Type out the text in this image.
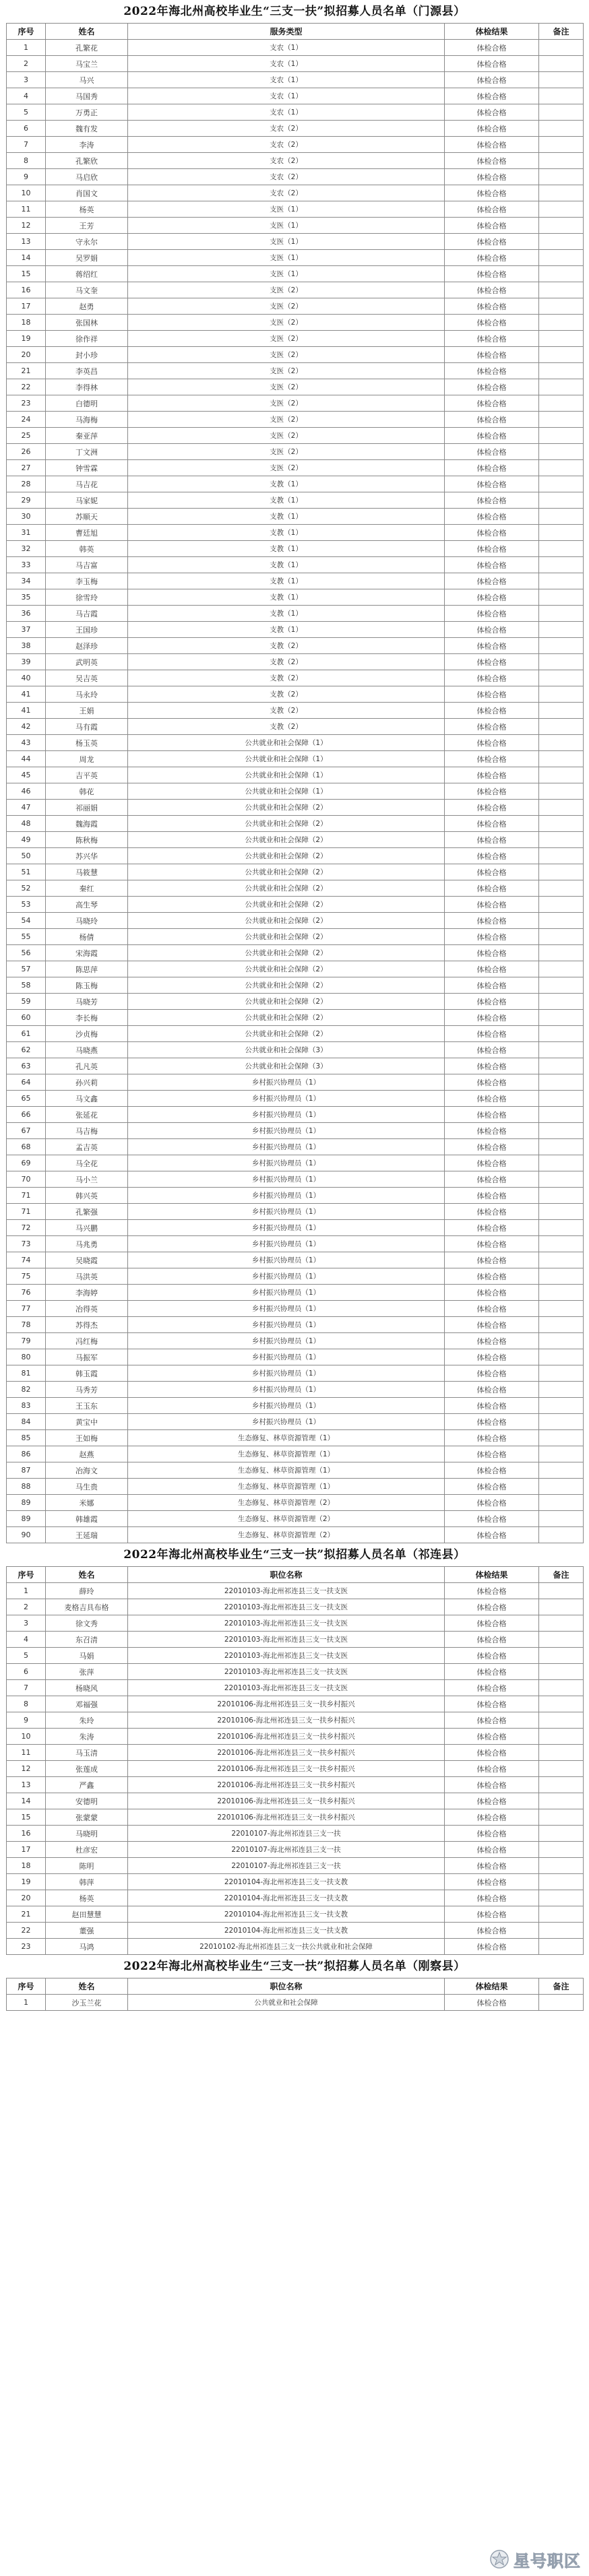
2022年海北州高校毕业生“三支一扶”拟招募人员名单（门源县）
序号	姓名	服务类型	体检结果	备注
1	孔繁花	支农（1）	体检合格	
2	马宝兰	支农（1）	体检合格	
3	马兴	支农（1）	体检合格	
4	马国秀	支农（1）	体检合格	
5	万勇正	支农（1）	体检合格	
6	魏有发	支农（2）	体检合格	
7	李涛	支农（2）	体检合格	
8	孔繁欣	支农（2）	体检合格	
9	马启欣	支农（2）	体检合格	
10	肖国文	支农（2）	体检合格	
11	杨英	支医（1）	体检合格	
12	王芳	支医（1）	体检合格	
13	守永尔	支医（1）	体检合格	
14	吴罗娟	支医（1）	体检合格	
15	蒋绍红	支医（1）	体检合格	
16	马文奎	支医（2）	体检合格	
17	赵勇	支医（2）	体检合格	
18	张国林	支医（2）	体检合格	
19	徐作祥	支医（2）	体检合格	
20	封小珍	支医（2）	体检合格	
21	李英昌	支医（2）	体检合格	
22	李得林	支医（2）	体检合格	
23	白德明	支医（2）	体检合格	
24	马海梅	支医（2）	体检合格	
25	秦亚萍	支医（2）	体检合格	
26	丁文洲	支医（2）	体检合格	
27	钟雪霖	支医（2）	体检合格	
28	马吉花	支教（1）	体检合格	
29	马家妮	支教（1）	体检合格	
30	苏顺天	支教（1）	体检合格	
31	曹廷旭	支教（1）	体检合格	
32	韩英	支教（1）	体检合格	
33	马吉富	支教（1）	体检合格	
34	李玉梅	支教（1）	体检合格	
35	徐雪玲	支教（1）	体检合格	
36	马吉霞	支教（1）	体检合格	
37	王国珍	支教（1）	体检合格	
38	赵泽珍	支教（2）	体检合格	
39	武明英	支教（2）	体检合格	
40	吴吉英	支教（2）	体检合格	
41	马永玲	支教（2）	体检合格	
41	王娟	支教（2）	体检合格	
42	马有霞	支教（2）	体检合格	
43	杨玉英	公共就业和社会保障（1）	体检合格	
44	周龙	公共就业和社会保障（1）	体检合格	
45	吉平英	公共就业和社会保障（1）	体检合格	
46	韩花	公共就业和社会保障（1）	体检合格	
47	祁丽娟	公共就业和社会保障（2）	体检合格	
48	魏海霞	公共就业和社会保障（2）	体检合格	
49	陈秋梅	公共就业和社会保障（2）	体检合格	
50	苏兴华	公共就业和社会保障（2）	体检合格	
51	马筱慧	公共就业和社会保障（2）	体检合格	
52	秦红	公共就业和社会保障（2）	体检合格	
53	高生琴	公共就业和社会保障（2）	体检合格	
54	马晓玲	公共就业和社会保障（2）	体检合格	
55	杨倩	公共就业和社会保障（2）	体检合格	
56	宋海霞	公共就业和社会保障（2）	体检合格	
57	陈思萍	公共就业和社会保障（2）	体检合格	
58	陈玉梅	公共就业和社会保障（2）	体检合格	
59	马晓芳	公共就业和社会保障（2）	体检合格	
60	李长梅	公共就业和社会保障（2）	体检合格	
61	沙贞梅	公共就业和社会保障（2）	体检合格	
62	马晓燕	公共就业和社会保障（3）	体检合格	
63	孔凡英	公共就业和社会保障（3）	体检合格	
64	孙兴莉	乡村振兴协理员（1）	体检合格	
65	马文鑫	乡村振兴协理员（1）	体检合格	
66	张延花	乡村振兴协理员（1）	体检合格	
67	马吉梅	乡村振兴协理员（1）	体检合格	
68	孟吉英	乡村振兴协理员（1）	体检合格	
69	马全花	乡村振兴协理员（1）	体检合格	
70	马小兰	乡村振兴协理员（1）	体检合格	
71	韩兴英	乡村振兴协理员（1）	体检合格	
71	孔繁强	乡村振兴协理员（1）	体检合格	
72	马兴鹏	乡村振兴协理员（1）	体检合格	
73	马兆勇	乡村振兴协理员（1）	体检合格	
74	吴晓霞	乡村振兴协理员（1）	体检合格	
75	马洪英	乡村振兴协理员（1）	体检合格	
76	李海婷	乡村振兴协理员（1）	体检合格	
77	冶得英	乡村振兴协理员（1）	体检合格	
78	苏得杰	乡村振兴协理员（1）	体检合格	
79	冯红梅	乡村振兴协理员（1）	体检合格	
80	马振军	乡村振兴协理员（1）	体检合格	
81	韩玉霞	乡村振兴协理员（1）	体检合格	
82	马秀芳	乡村振兴协理员（1）	体检合格	
83	王玉东	乡村振兴协理员（1）	体检合格	
84	黄宝中	乡村振兴协理员（1）	体检合格	
85	王如梅	生态修复、林草资源管理（1）	体检合格	
86	赵燕	生态修复、林草资源管理（1）	体检合格	
87	冶海文	生态修复、林草资源管理（1）	体检合格	
88	马生贵	生态修复、林草资源管理（1）	体检合格	
89	米娜	生态修复、林草资源管理（2）	体检合格	
89	韩雄霞	生态修复、林草资源管理（2）	体检合格	
90	王延瑞	生态修复、林草资源管理（2）	体检合格	
2022年海北州高校毕业生“三支一扶”拟招募人员名单（祁连县）
序号	姓名	职位名称	体检结果	备注
1	薛玲	22010103-海北州祁连县三支一扶支医	体检合格	
2	麦格吉具布格	22010103-海北州祁连县三支一扶支医	体检合格	
3	徐文秀	22010103-海北州祁连县三支一扶支医	体检合格	
4	东召清	22010103-海北州祁连县三支一扶支医	体检合格	
5	马娟	22010103-海北州祁连县三支一扶支医	体检合格	
6	张萍	22010103-海北州祁连县三支一扶支医	体检合格	
7	杨晓风	22010103-海北州祁连县三支一扶支医	体检合格	
8	邓福强	22010106-海北州祁连县三支一扶乡村振兴	体检合格	
9	朱玲	22010106-海北州祁连县三支一扶乡村振兴	体检合格	
10	朱涛	22010106-海北州祁连县三支一扶乡村振兴	体检合格	
11	马玉清	22010106-海北州祁连县三支一扶乡村振兴	体检合格	
12	张莲成	22010106-海北州祁连县三支一扶乡村振兴	体检合格	
13	严鑫	22010106-海北州祁连县三支一扶乡村振兴	体检合格	
14	安德明	22010106-海北州祁连县三支一扶乡村振兴	体检合格	
15	张蒙蒙	22010106-海北州祁连县三支一扶乡村振兴	体检合格	
16	马晓明	22010107-海北州祁连县三支一扶	体检合格	
17	杜彦宏	22010107-海北州祁连县三支一扶	体检合格	
18	陈明	22010107-海北州祁连县三支一扶	体检合格	
19	韩萍	22010104-海北州祁连县三支一扶支教	体检合格	
20	杨英	22010104-海北州祁连县三支一扶支教	体检合格	
21	赵田慧慧	22010104-海北州祁连县三支一扶支教	体检合格	
22	董强	22010104-海北州祁连县三支一扶支教	体检合格	
23	马鸿	22010102-海北州祁连县三支一扶公共就业和社会保障	体检合格	
2022年海北州高校毕业生“三支一扶”拟招募人员名单（刚察县）
序号	姓名	职位名称	体检结果	备注
1	沙玉兰花	公共就业和社会保障	体检合格	
星号职区
